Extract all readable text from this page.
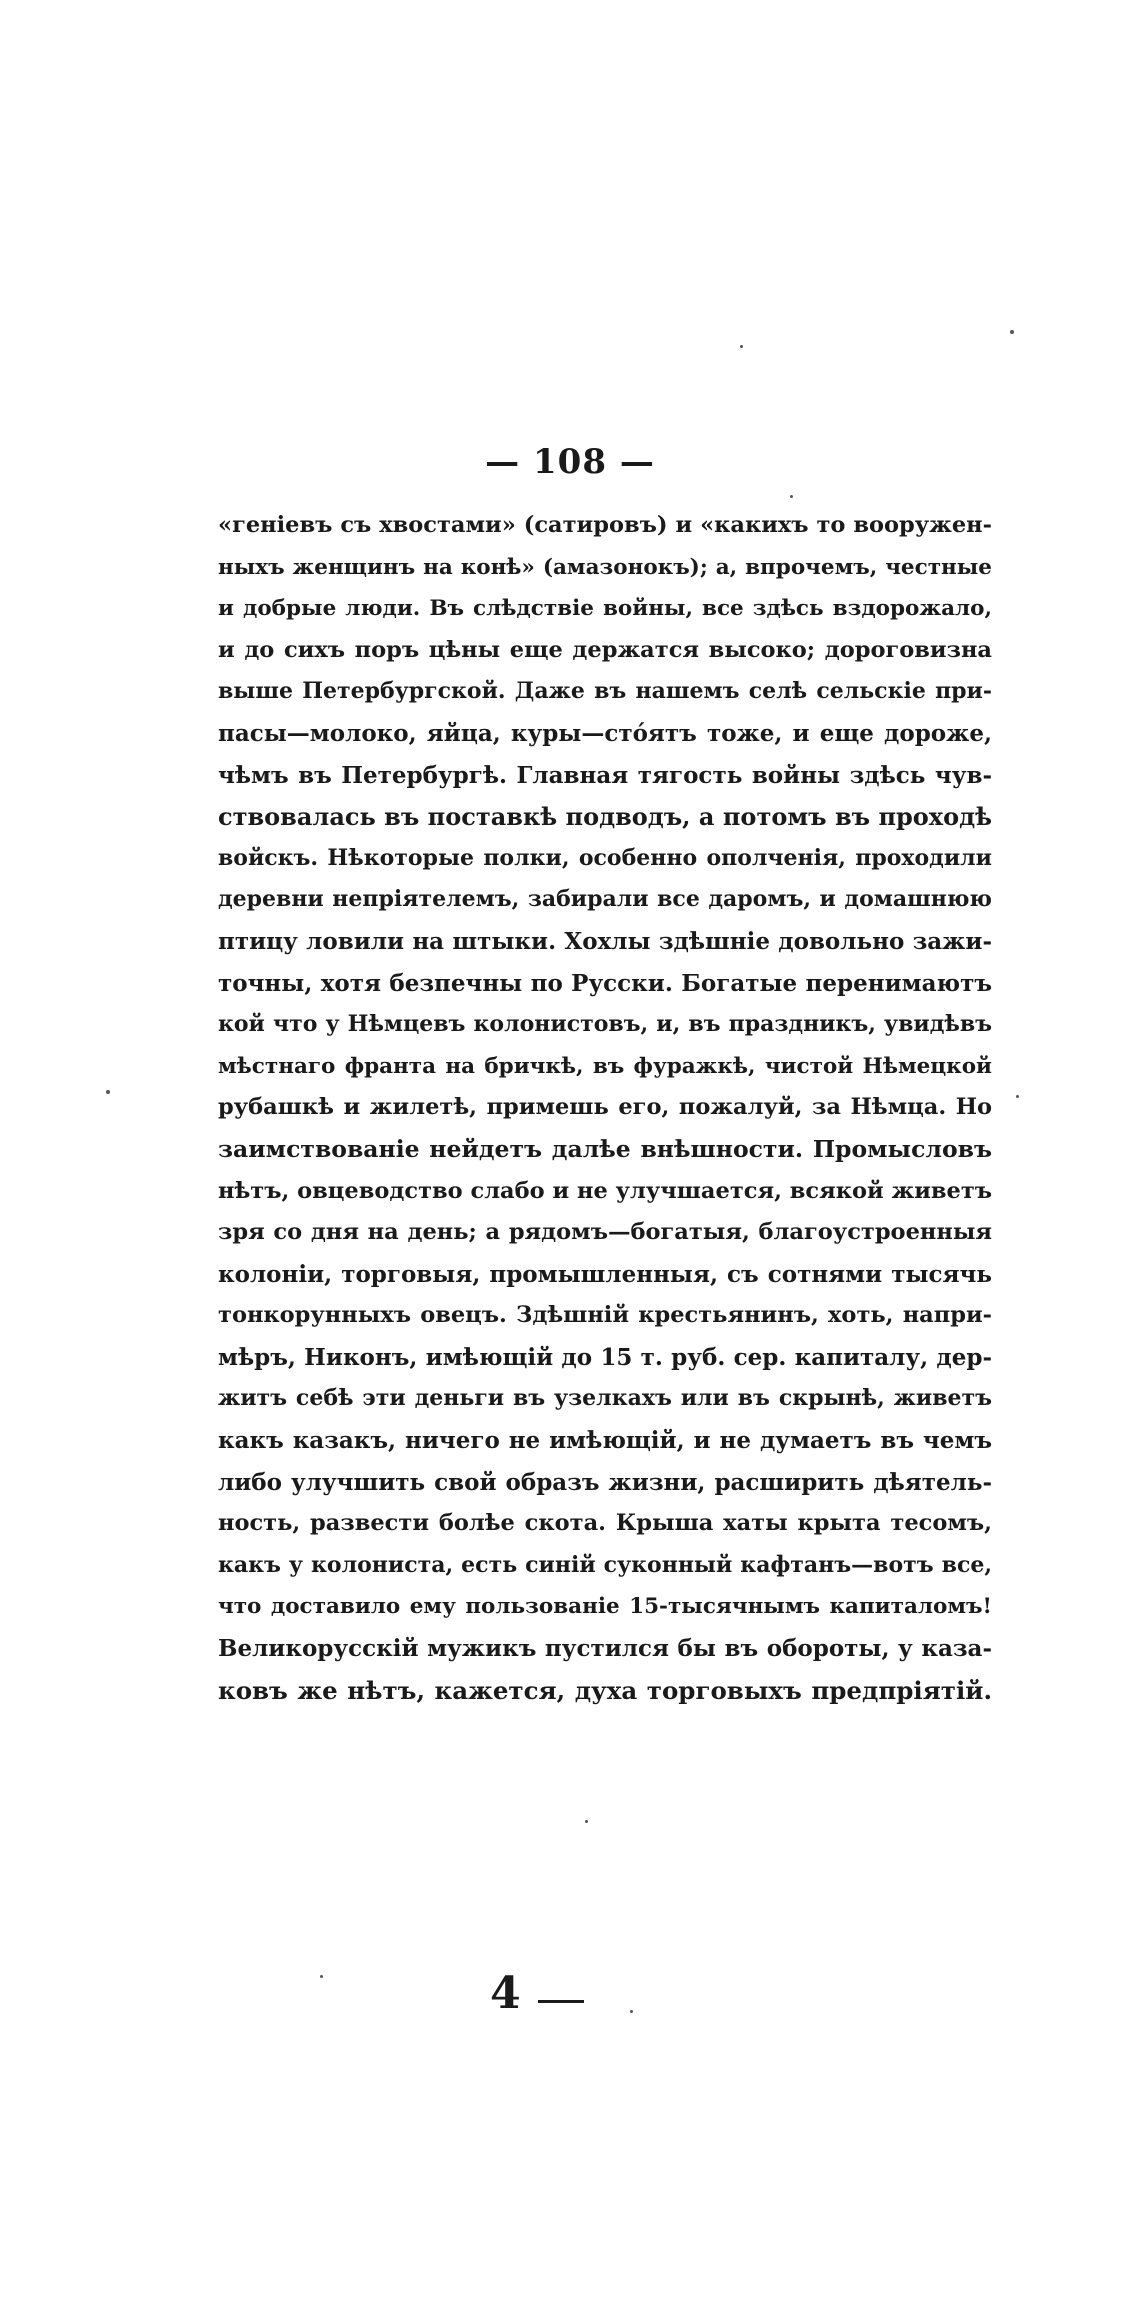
— 108 —
«геніевъ съ хвостами» (сатировъ) и «какихъ то вооружен-
ныхъ женщинъ на конѣ» (амазонокъ); а, впрочемъ, честные
и добрые люди. Въ слѣдствіе войны, все здѣсь вздорожало,
и до сихъ поръ цѣны еще держатся высоко; дороговизна
выше Петербургской. Даже въ нашемъ селѣ сельскіе при-
пасы—молоко, яйца, куры—стóятъ тоже, и еще дороже,
чѣмъ въ Петербургѣ. Главная тягость войны здѣсь чув-
ствовалась въ поставкѣ подводъ, а потомъ въ проходѣ
войскъ. Нѣкоторые полки, особенно ополченія, проходили
деревни непріятелемъ, забирали все даромъ, и домашнюю
птицу ловили на штыки. Хохлы здѣшніе довольно зажи-
точны, хотя безпечны по Русски. Богатые перенимаютъ
кой что у Нѣмцевъ колонистовъ, и, въ праздникъ, увидѣвъ
мѣстнаго франта на бричкѣ, въ фуражкѣ, чистой Нѣмецкой
рубашкѣ и жилетѣ, примешь его, пожалуй, за Нѣмца. Но
заимствованіе нейдетъ далѣе внѣшности. Промысловъ
нѣтъ, овцеводство слабо и не улучшается, всякой живетъ
зря со дня на день; а рядомъ—богатыя, благоустроенныя
колоніи, торговыя, промышленныя, съ сотнями тысячь
тонкорунныхъ овецъ. Здѣшній крестьянинъ, хоть, напри-
мѣръ, Никонъ, имѣющій до 15 т. руб. сер. капиталу, дер-
житъ себѣ эти деньги въ узелкахъ или въ скрынѣ, живетъ
какъ казакъ, ничего не имѣющій, и не думаетъ въ чемъ
либо улучшить свой образъ жизни, расширить дѣятель-
ность, развести болѣе скота. Крыша хаты крыта тесомъ,
какъ у колониста, есть синій суконный кафтанъ—вотъ все,
что доставило ему пользованіе 15-тысячнымъ капиталомъ!
Великорусскій мужикъ пустился бы въ обороты, у каза-
ковъ же нѣтъ, кажется, духа торговыхъ предпріятій.
4
